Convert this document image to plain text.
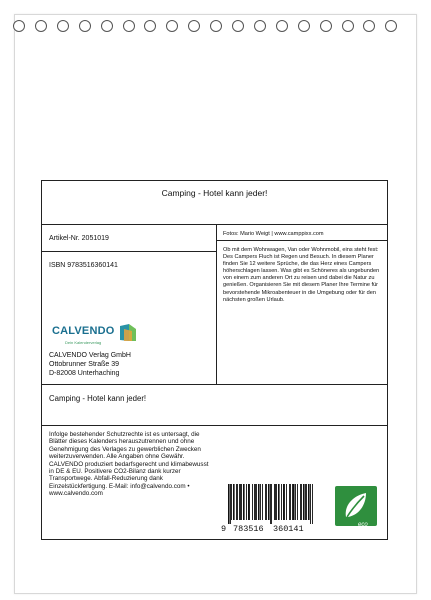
Camping - Hotel kann jeder!
Artikel-Nr. 2051019
ISBN 9783516360141
CALVENDO
Dein Kalenderverlag
CALVENDO Verlag GmbH
Ottobrunner Straße 39
D-82008 Unterhaching
Fotos: Mario Weigt | www.camppixx.com
Ob mit dem Wohnwagen, Van oder Wohnmobil, eins steht fest: Des Campers Fluch ist Regen und Besuch. In diesem Planer finden Sie 12 weitere Sprüche, die das Herz eines Campers höherschlagen lassen. Was gibt es Schöneres als ungebunden von einem zum anderen Ort zu reisen und dabei die Natur zu genießen. Organisieren Sie mit diesem Planer Ihre Termine für bevorstehende Mikroabenteuer in die Umgebung oder für den nächsten großen Urlaub.
Camping - Hotel kann jeder!
Infolge bestehender Schutzrechte ist es untersagt, die Blätter dieses Kalenders herauszutrennen und ohne Genehmigung des Verlages zu gewerblichen Zwecken weiterzuverwenden. Alle Angaben ohne Gewähr. CALVENDO produziert bedarfsgerecht und klimabewusst in DE & EU. Positivere CO2-Bilanz dank kurzer Transportwege. Abfall-Reduzierung dank Einzelstückfertigung. E-Mail: info@calvendo.com • www.calvendo.com
9 783516 360141	eco
